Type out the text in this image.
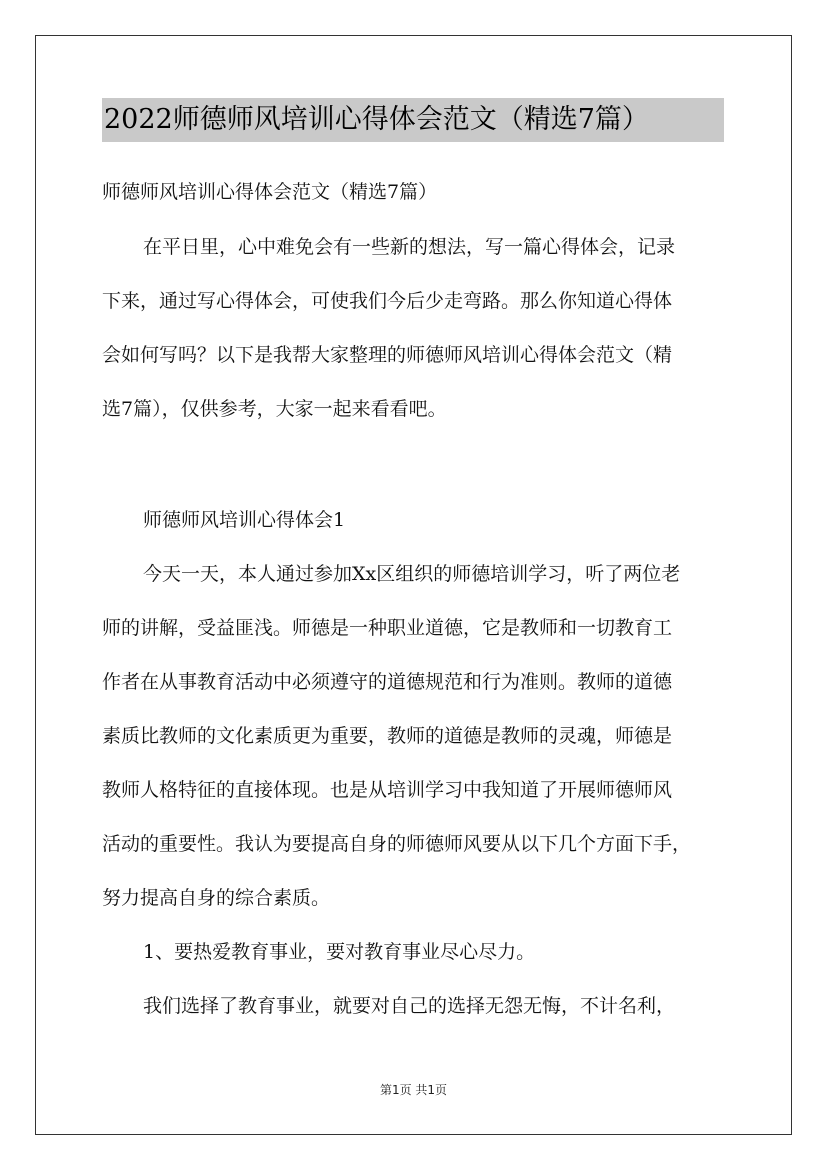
2022师德师风培训心得体会范文（精选7篇）
师德师风培训心得体会范文（精选7篇）
在平日里，心中难免会有一些新的想法，写一篇心得体会，记录
下来，通过写心得体会，可使我们今后少走弯路。那么你知道心得体
会如何写吗？以下是我帮大家整理的师德师风培训心得体会范文（精
选7篇），仅供参考，大家一起来看看吧。
师德师风培训心得体会1
今天一天，本人通过参加Xx区组织的师德培训学习，听了两位老
师的讲解，受益匪浅。师德是一种职业道德，它是教师和一切教育工
作者在从事教育活动中必须遵守的道德规范和行为准则。教师的道德
素质比教师的文化素质更为重要，教师的道德是教师的灵魂，师德是
教师人格特征的直接体现。也是从培训学习中我知道了开展师德师风
活动的重要性。我认为要提高自身的师德师风要从以下几个方面下手，
努力提高自身的综合素质。
1、要热爱教育事业，要对教育事业尽心尽力。
我们选择了教育事业，就要对自己的选择无怨无悔，不计名利，
第1页 共1页
